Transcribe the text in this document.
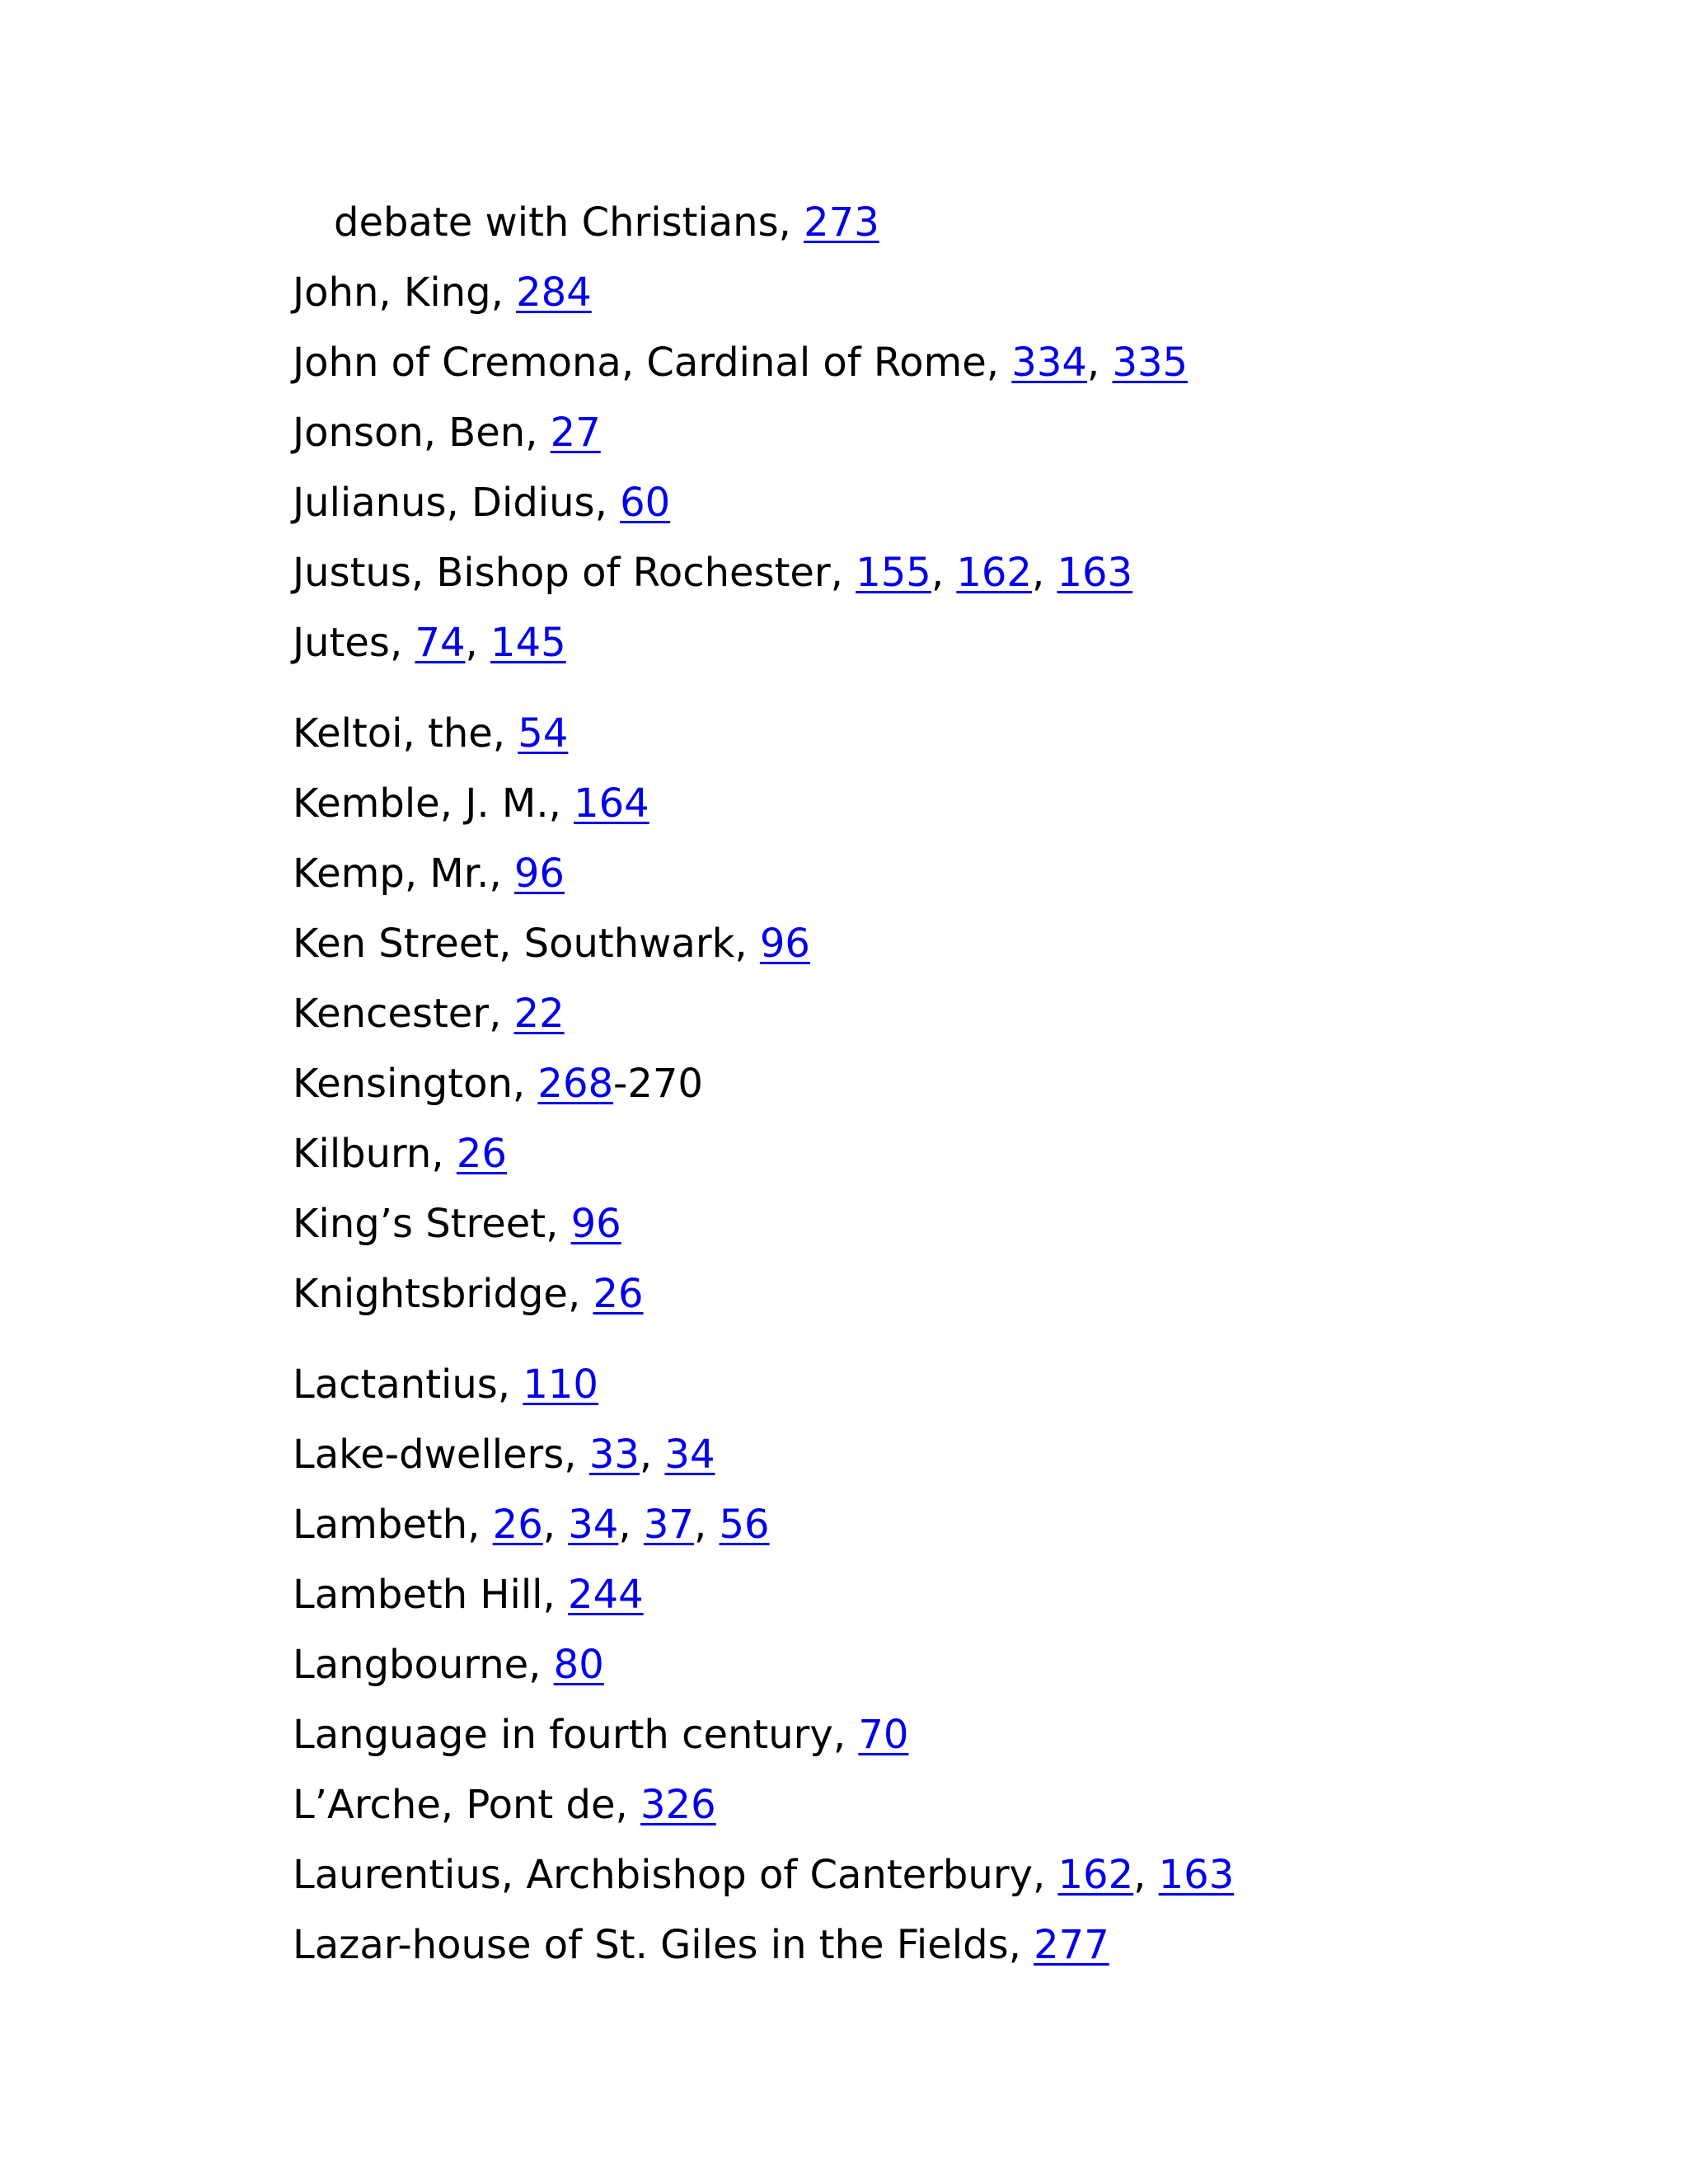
debate with Christians, 273
John, King, 284
John of Cremona, Cardinal of Rome, 334, 335
Jonson, Ben, 27
Julianus, Didius, 60
Justus, Bishop of Rochester, 155, 162, 163
Jutes, 74, 145
Keltoi, the, 54
Kemble, J. M., 164
Kemp, Mr., 96
Ken Street, Southwark, 96
Kencester, 22
Kensington, 268-270
Kilburn, 26
King’s Street, 96
Knightsbridge, 26
Lactantius, 110
Lake-dwellers, 33, 34
Lambeth, 26, 34, 37, 56
Lambeth Hill, 244
Langbourne, 80
Language in fourth century, 70
L’Arche, Pont de, 326
Laurentius, Archbishop of Canterbury, 162, 163
Lazar-house of St. Giles in the Fields, 277
